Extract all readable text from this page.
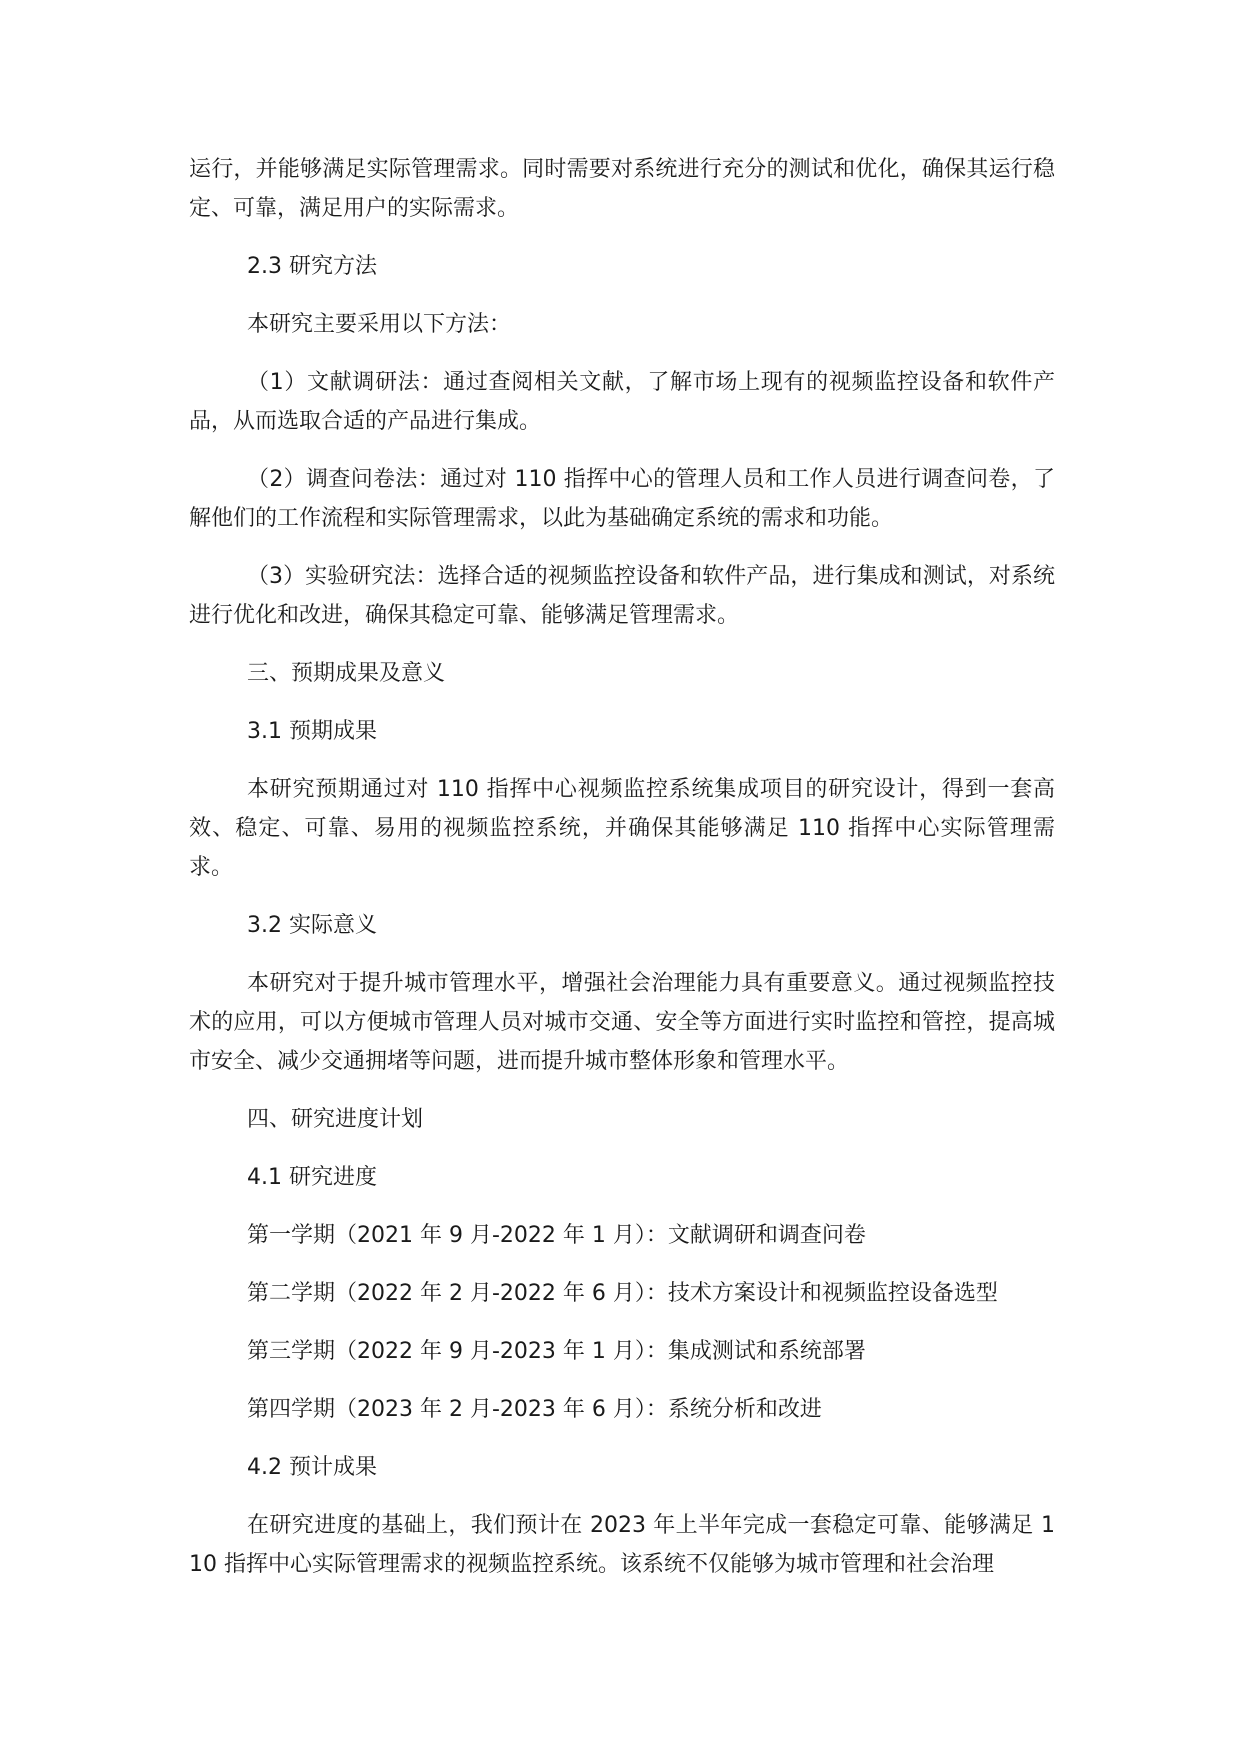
运行，并能够满足实际管理需求。同时需要对系统进行充分的测试和优化，确保其运行稳定、可靠，满足用户的实际需求。

2.3 研究方法

本研究主要采用以下方法：

（1）文献调研法：通过查阅相关文献，了解市场上现有的视频监控设备和软件产品，从而选取合适的产品进行集成。

（2）调查问卷法：通过对 110 指挥中心的管理人员和工作人员进行调查问卷，了解他们的工作流程和实际管理需求，以此为基础确定系统的需求和功能。

（3）实验研究法：选择合适的视频监控设备和软件产品，进行集成和测试，对系统进行优化和改进，确保其稳定可靠、能够满足管理需求。

三、预期成果及意义

3.1 预期成果

本研究预期通过对 110 指挥中心视频监控系统集成项目的研究设计，得到一套高效、稳定、可靠、易用的视频监控系统，并确保其能够满足 110 指挥中心实际管理需求。

3.2 实际意义

本研究对于提升城市管理水平，增强社会治理能力具有重要意义。通过视频监控技术的应用，可以方便城市管理人员对城市交通、安全等方面进行实时监控和管控，提高城市安全、减少交通拥堵等问题，进而提升城市整体形象和管理水平。

四、研究进度计划

4.1 研究进度

第一学期（2021 年 9 月-2022 年 1 月）：文献调研和调查问卷

第二学期（2022 年 2 月-2022 年 6 月）：技术方案设计和视频监控设备选型

第三学期（2022 年 9 月-2023 年 1 月）：集成测试和系统部署

第四学期（2023 年 2 月-2023 年 6 月）：系统分析和改进

4.2 预计成果

在研究进度的基础上，我们预计在 2023 年上半年完成一套稳定可靠、能够满足 110 指挥中心实际管理需求的视频监控系统。该系统不仅能够为城市管理和社会治理
